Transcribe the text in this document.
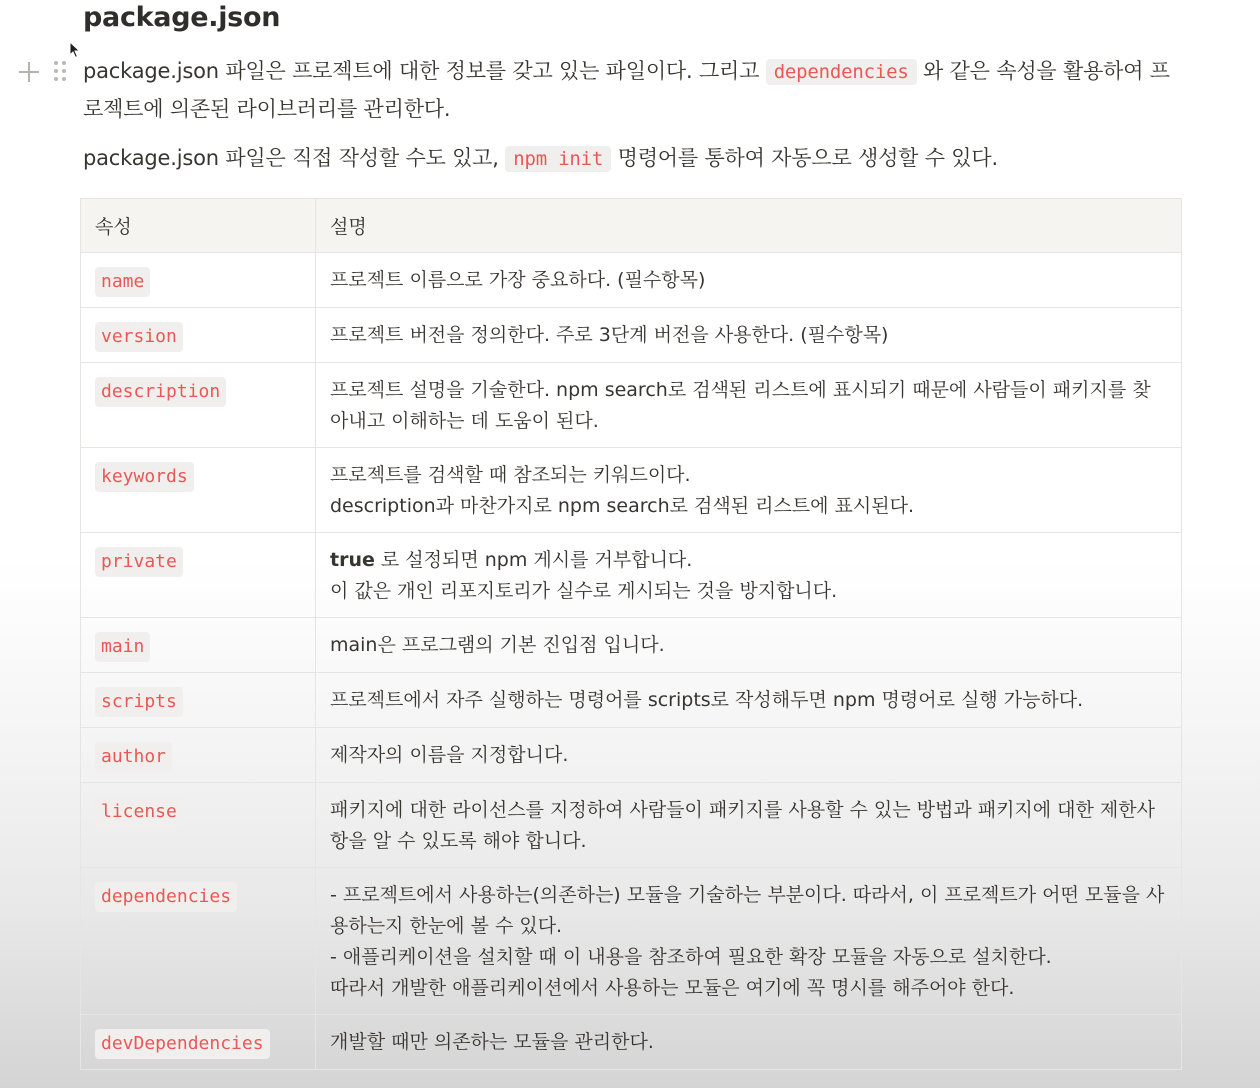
package.json

package.json 파일은 프로젝트에 대한 정보를 갖고 있는 파일이다. 그리고 dependencies 와 같은 속성을 활용하여 프로젝트에 의존된 라이브러리를 관리한다.

package.json 파일은 직접 작성할 수도 있고, npm init 명령어를 통하여 자동으로 생성할 수 있다.

속성	설명
name	프로젝트 이름으로 가장 중요하다. (필수항목)

version	프로젝트 버전을 정의한다. 주로 3단계 버전을 사용한다. (필수항목)

description	프로젝트 설명을 기술한다. npm search로 검색된 리스트에 표시되기 때문에 사람들이 패키지를 찾아내고 이해하는 데 도움이 된다.

keywords	프로젝트를 검색할 때 참조되는 키워드이다.
description과 마찬가지로 npm search로 검색된 리스트에 표시된다.

private	true 로 설정되면 npm 게시를 거부합니다.
이 값은 개인 리포지토리가 실수로 게시되는 것을 방지합니다.

main	main은 프로그램의 기본 진입점 입니다.

scripts	프로젝트에서 자주 실행하는 명령어를 scripts로 작성해두면 npm 명령어로 실행 가능하다.

author	제작자의 이름을 지정합니다.

license	패키지에 대한 라이선스를 지정하여 사람들이 패키지를 사용할 수 있는 방법과 패키지에 대한 제한사항을 알 수 있도록 해야 합니다.

dependencies	- 프로젝트에서 사용하는(의존하는) 모듈을 기술하는 부분이다. 따라서, 이 프로젝트가 어떤 모듈을 사용하는지 한눈에 볼 수 있다.
- 애플리케이션을 설치할 때 이 내용을 참조하여 필요한 확장 모듈을 자동으로 설치한다.
따라서 개발한 애플리케이션에서 사용하는 모듈은 여기에 꼭 명시를 해주어야 한다.

devDependencies	개발할 때만 의존하는 모듈을 관리한다.
